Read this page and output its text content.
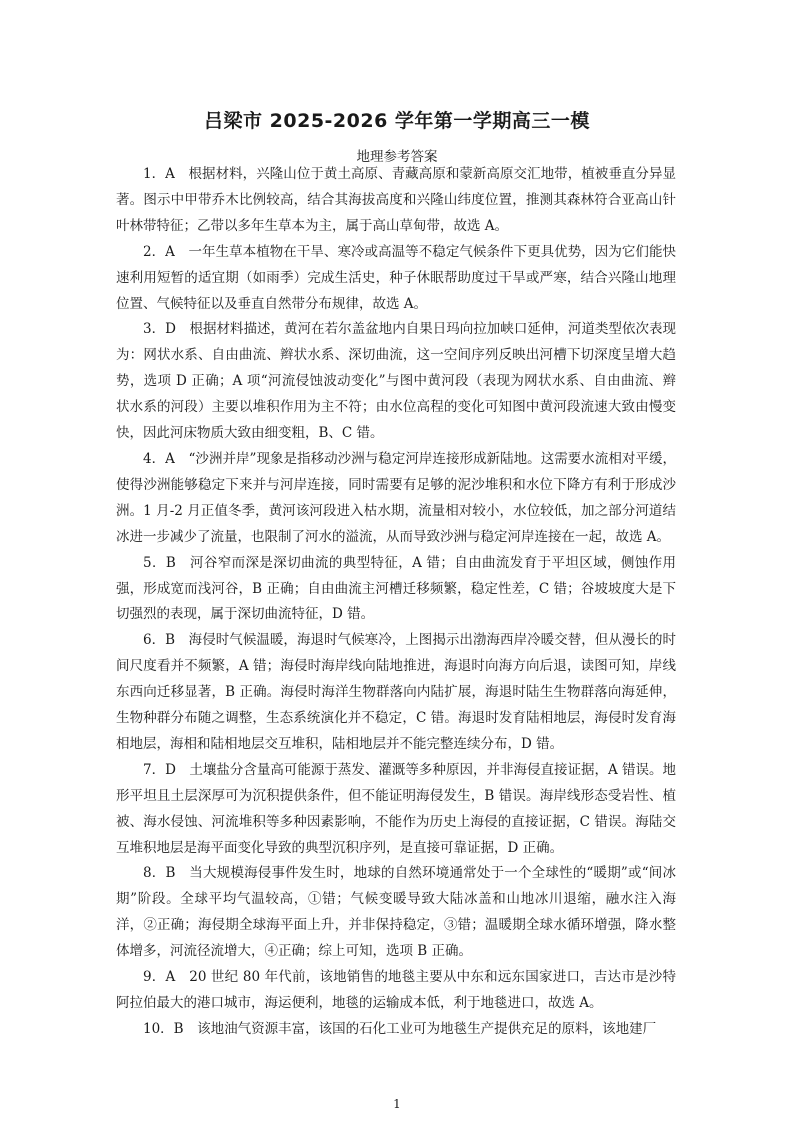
吕梁市 2025-2026 学年第一学期高三一模
地理参考答案

1．A　根据材料，兴隆山位于黄土高原、青藏高原和蒙新高原交汇地带，植被垂直分异显著。图示中甲带乔木比例较高，结合其海拔高度和兴隆山纬度位置，推测其森林符合亚高山针叶林带特征；乙带以多年生草本为主，属于高山草甸带，故选 A。

2．A　一年生草本植物在干旱、寒冷或高温等不稳定气候条件下更具优势，因为它们能快速利用短暂的适宜期（如雨季）完成生活史，种子休眠帮助度过干旱或严寒，结合兴隆山地理位置、气候特征以及垂直自然带分布规律，故选 A。

3．D　根据材料描述，黄河在若尔盖盆地内自果日玛向拉加峡口延伸，河道类型依次表现为：网状水系、自由曲流、辫状水系、深切曲流，这一空间序列反映出河槽下切深度呈增大趋势，选项 D 正确；A 项“河流侵蚀波动变化”与图中黄河段（表现为网状水系、自由曲流、辫状水系的河段）主要以堆积作用为主不符；由水位高程的变化可知图中黄河段流速大致由慢变快，因此河床物质大致由细变粗，B、C 错。

4．A　“沙洲并岸”现象是指移动沙洲与稳定河岸连接形成新陆地。这需要水流相对平缓，使得沙洲能够稳定下来并与河岸连接，同时需要有足够的泥沙堆积和水位下降方有利于形成沙洲。1 月-2 月正值冬季，黄河该河段进入枯水期，流量相对较小，水位较低，加之部分河道结冰进一步减少了流量，也限制了河水的溢流，从而导致沙洲与稳定河岸连接在一起，故选 A。

5．B　河谷窄而深是深切曲流的典型特征，A 错；自由曲流发育于平坦区域，侧蚀作用强，形成宽而浅河谷，B 正确；自由曲流主河槽迁移频繁，稳定性差，C 错；谷坡坡度大是下切强烈的表现，属于深切曲流特征，D 错。

6．B　海侵时气候温暖，海退时气候寒冷，上图揭示出渤海西岸冷暖交替，但从漫长的时间尺度看并不频繁，A 错；海侵时海岸线向陆地推进，海退时向海方向后退，读图可知，岸线东西向迁移显著，B 正确。海侵时海洋生物群落向内陆扩展，海退时陆生生物群落向海延伸，生物种群分布随之调整，生态系统演化并不稳定，C 错。海退时发育陆相地层，海侵时发育海相地层，海相和陆相地层交互堆积，陆相地层并不能完整连续分布，D 错。

7．D　土壤盐分含量高可能源于蒸发、灌溉等多种原因，并非海侵直接证据，A 错误。地形平坦且土层深厚可为沉积提供条件，但不能证明海侵发生，B 错误。海岸线形态受岩性、植被、海水侵蚀、河流堆积等多种因素影响，不能作为历史上海侵的直接证据，C 错误。海陆交互堆积地层是海平面变化导致的典型沉积序列，是直接可靠证据，D 正确。

8．B　当大规模海侵事件发生时，地球的自然环境通常处于一个全球性的“暖期”或“间冰期”阶段。全球平均气温较高，①错；气候变暖导致大陆冰盖和山地冰川退缩，融水注入海洋，②正确；海侵期全球海平面上升，并非保持稳定，③错；温暖期全球水循环增强，降水整体增多，河流径流增大，④正确；综上可知，选项 B 正确。

9．A　20 世纪 80 年代前，该地销售的地毯主要从中东和远东国家进口，吉达市是沙特阿拉伯最大的港口城市，海运便利，地毯的运输成本低，利于地毯进口，故选 A。

10．B　该地油气资源丰富，该国的石化工业可为地毯生产提供充足的原料，该地建厂

1
